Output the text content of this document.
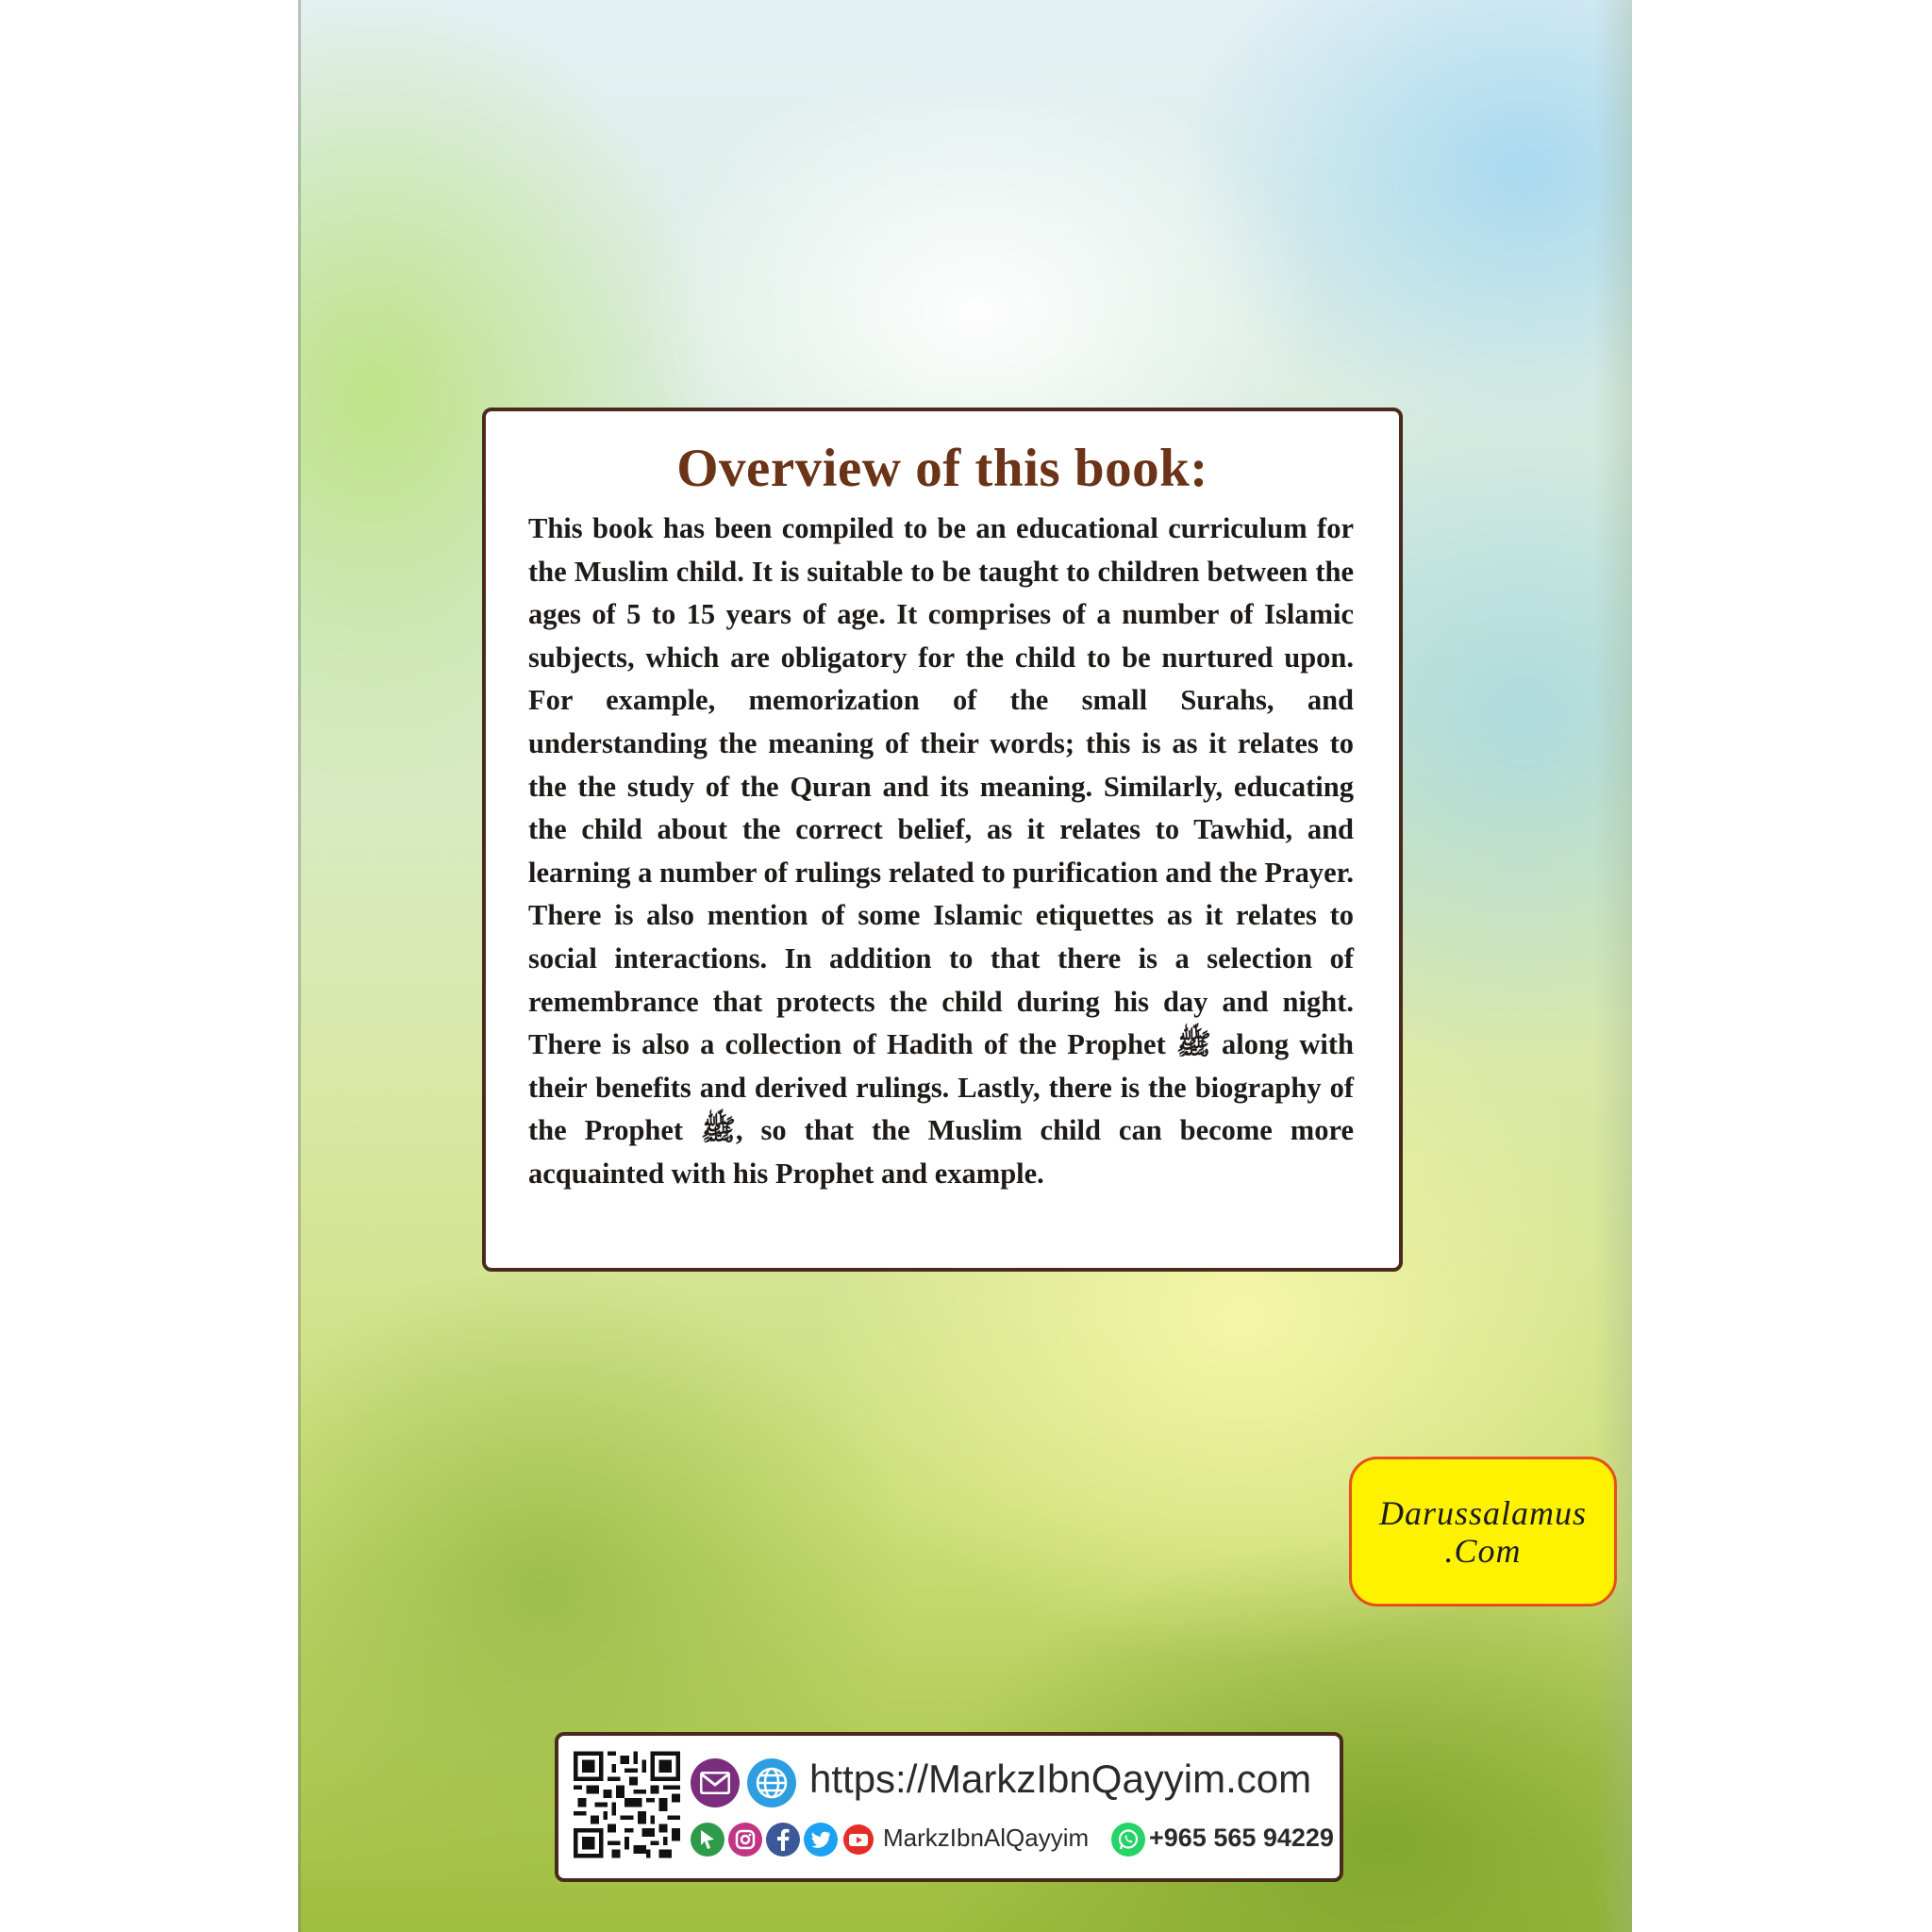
Overview of this book:
This book has been compiled to be an educational curriculum for the Muslim child. It is suitable to be taught to children between the ages of 5 to 15 years of age. It comprises of a number of Islamic subjects, which are obligatory for the child to be nurtured upon. For example, memorization of the small Surahs, and understanding the meaning of their words; this is as it relates to the the study of the Quran and its meaning. Similarly, educating the child about the correct belief, as it relates to Tawhid, and learning a number of rulings related to purification and the Prayer. There is also mention of some Islamic etiquettes as it relates to social interactions. In addition to that there is a selection of remembrance that protects the child during his day and night. There is also a collection of Hadith of the Prophet ﷺ along with their benefits and derived rulings. Lastly, there is the biography of the Prophet ﷺ, so that the Muslim child can become more acquainted with his Prophet and example.
Darussalamus
.Com
https://MarkzIbnQayyim.com
MarkzIbnAlQayyim +965 565 94229
